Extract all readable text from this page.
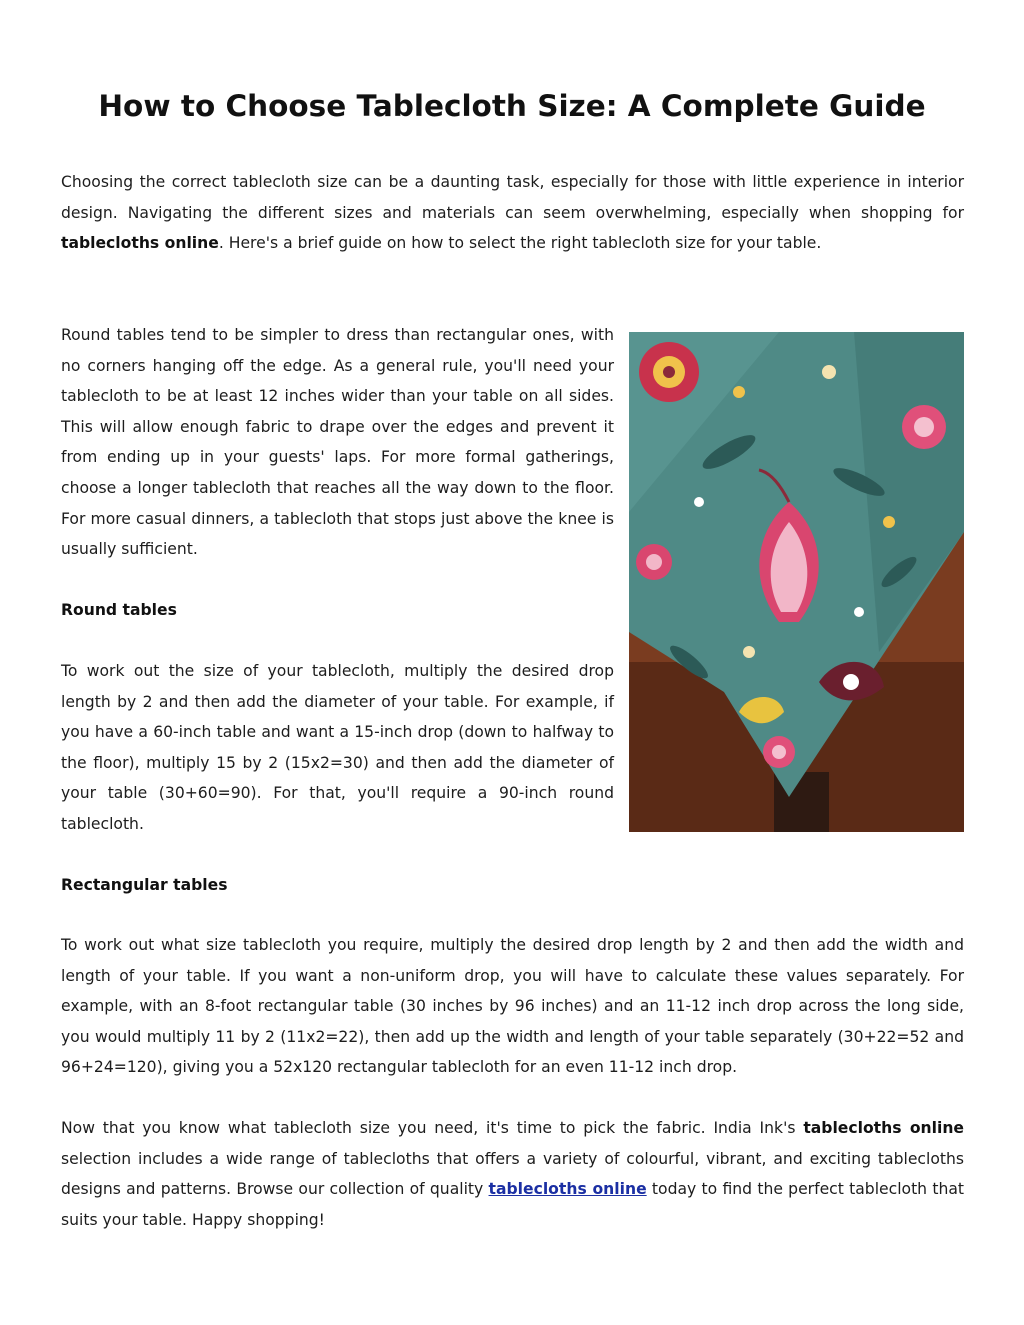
How to Choose Tablecloth Size: A Complete Guide

Choosing the correct tablecloth size can be a daunting task, especially for those with little experience in interior design. Navigating the different sizes and materials can seem overwhelming, especially when shopping for tablecloths online. Here's a brief guide on how to select the right tablecloth size for your table.

Round tables tend to be simpler to dress than rectangular ones, with no corners hanging off the edge. As a general rule, you'll need your tablecloth to be at least 12 inches wider than your table on all sides. This will allow enough fabric to drape over the edges and prevent it from ending up in your guests' laps. For more formal gatherings, choose a longer tablecloth that reaches all the way down to the floor. For more casual dinners, a tablecloth that stops just above the knee is usually sufficient.

Round tables

To work out the size of your tablecloth, multiply the desired drop length by 2 and then add the diameter of your table. For example, if you have a 60-inch table and want a 15-inch drop (down to halfway to the floor), multiply 15 by 2 (15x2=30) and then add the diameter of your table (30+60=90). For that, you'll require a 90-inch round tablecloth.

Rectangular tables

To work out what size tablecloth you require, multiply the desired drop length by 2 and then add the width and length of your table. If you want a non-uniform drop, you will have to calculate these values separately. For example, with an 8-foot rectangular table (30 inches by 96 inches) and an 11-12 inch drop across the long side, you would multiply 11 by 2 (11x2=22), then add up the width and length of your table separately (30+22=52 and 96+24=120), giving you a 52x120 rectangular tablecloth for an even 11-12 inch drop.

Now that you know what tablecloth size you need, it's time to pick the fabric. India Ink's tablecloths online selection includes a wide range of tablecloths that offers a variety of colourful, vibrant, and exciting tablecloths designs and patterns. Browse our collection of quality tablecloths online today to find the perfect tablecloth that suits your table. Happy shopping!
